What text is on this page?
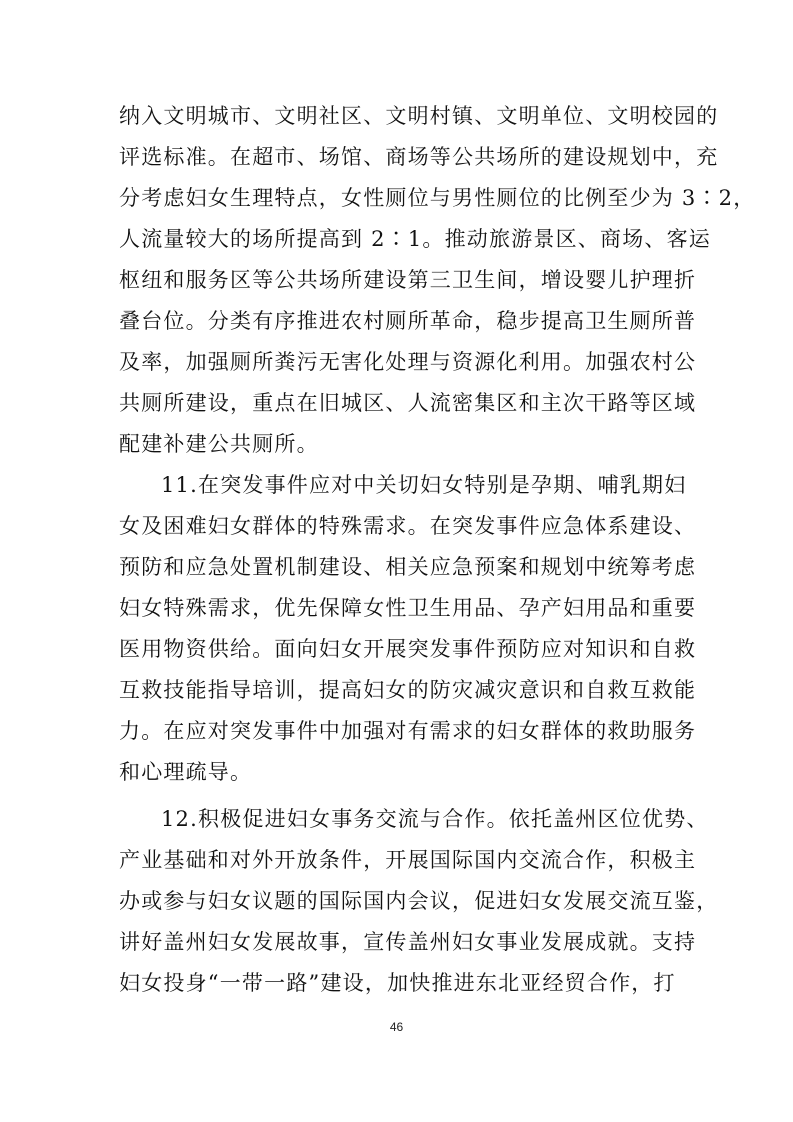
纳入文明城市、文明社区、文明村镇、文明单位、文明校园的
评选标准。在超市、场馆、商场等公共场所的建设规划中，充
分考虑妇女生理特点，女性厕位与男性厕位的比例至少为 3∶2，
人流量较大的场所提高到 2∶1。推动旅游景区、商场、客运
枢纽和服务区等公共场所建设第三卫生间，增设婴儿护理折
叠台位。分类有序推进农村厕所革命，稳步提高卫生厕所普
及率，加强厕所粪污无害化处理与资源化利用。加强农村公
共厕所建设，重点在旧城区、人流密集区和主次干路等区域
配建补建公共厕所。
11.在突发事件应对中关切妇女特别是孕期、哺乳期妇
女及困难妇女群体的特殊需求。在突发事件应急体系建设、
预防和应急处置机制建设、相关应急预案和规划中统筹考虑
妇女特殊需求，优先保障女性卫生用品、孕产妇用品和重要
医用物资供给。面向妇女开展突发事件预防应对知识和自救
互救技能指导培训，提高妇女的防灾减灾意识和自救互救能
力。在应对突发事件中加强对有需求的妇女群体的救助服务
和心理疏导。
12.积极促进妇女事务交流与合作。依托盖州区位优势、
产业基础和对外开放条件，开展国际国内交流合作，积极主
办或参与妇女议题的国际国内会议，促进妇女发展交流互鉴，
讲好盖州妇女发展故事，宣传盖州妇女事业发展成就。支持
妇女投身“一带一路”建设，加快推进东北亚经贸合作，打
46
